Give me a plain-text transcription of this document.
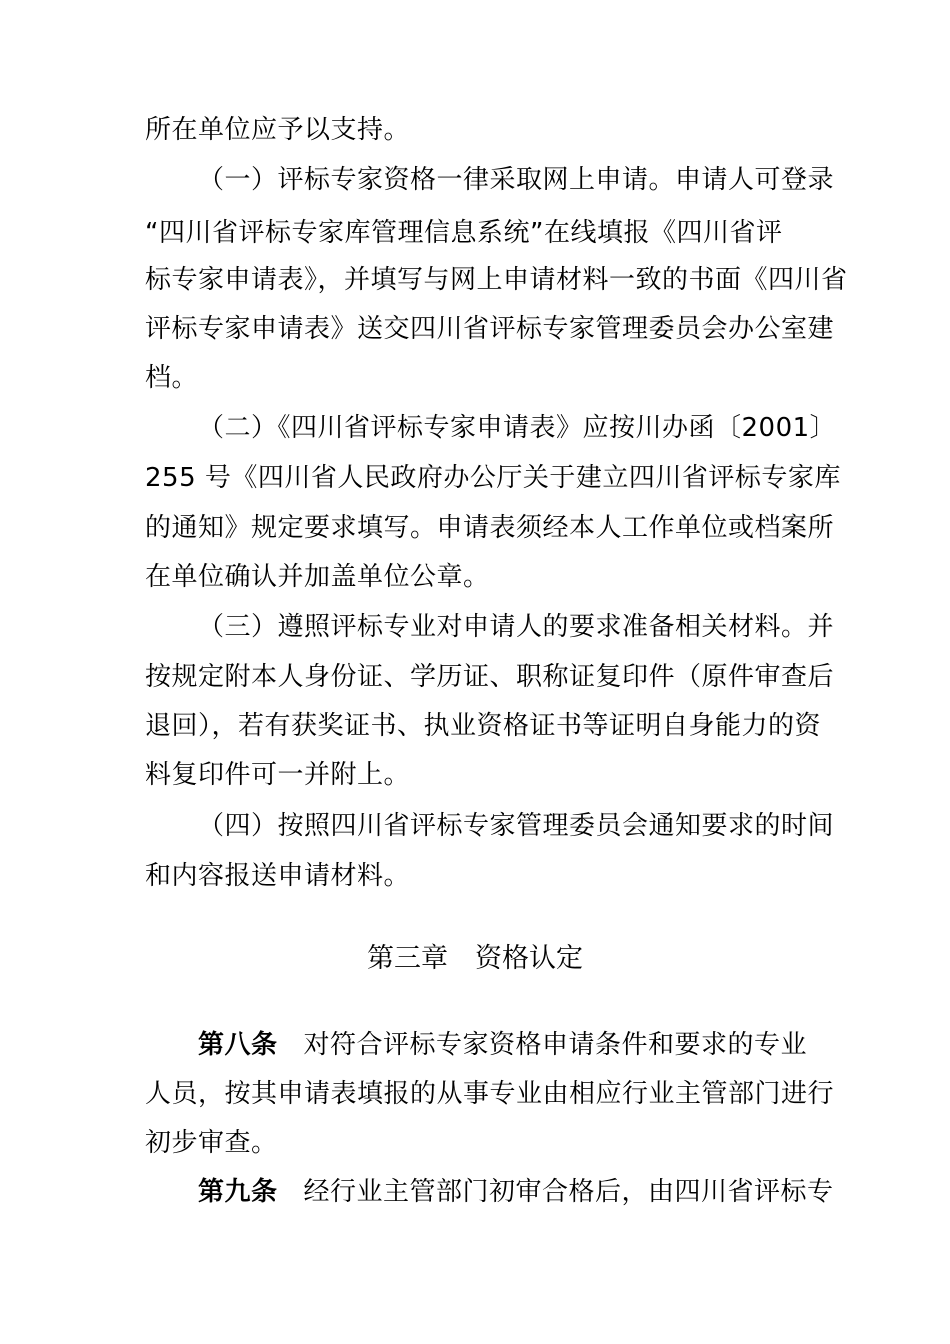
所在单位应予以支持。
（一）评标专家资格一律采取网上申请。申请人可登录
“四川省评标专家库管理信息系统”在线填报《四川省评
标专家申请表》，并填写与网上申请材料一致的书面《四川省
评标专家申请表》送交四川省评标专家管理委员会办公室建
档。
（二）《四川省评标专家申请表》应按川办函〔2001〕
255 号《四川省人民政府办公厅关于建立四川省评标专家库
的通知》规定要求填写。申请表须经本人工作单位或档案所
在单位确认并加盖单位公章。
（三）遵照评标专业对申请人的要求准备相关材料。并
按规定附本人身份证、学历证、职称证复印件（原件审查后
退回），若有获奖证书、执业资格证书等证明自身能力的资
料复印件可一并附上。
（四）按照四川省评标专家管理委员会通知要求的时间
和内容报送申请材料。
第三章　资格认定
第八条 对符合评标专家资格申请条件和要求的专业
人员，按其申请表填报的从事专业由相应行业主管部门进行
初步审查。
第九条 经行业主管部门初审合格后，由四川省评标专
